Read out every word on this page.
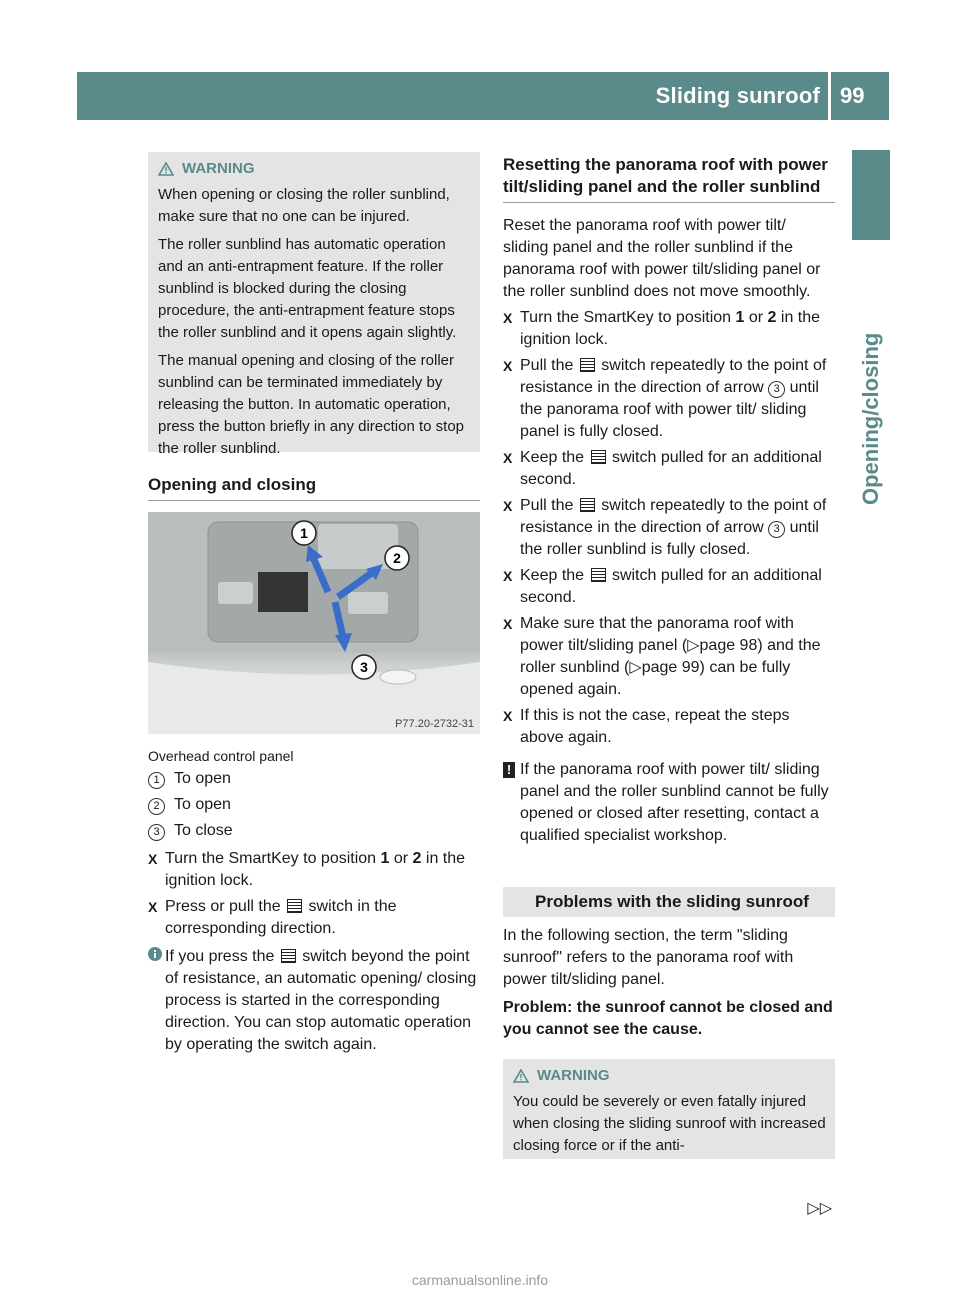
Sliding sunroof 99
Opening/closing
WARNING

When opening or closing the roller sunblind, make sure that no one can be injured.

The roller sunblind has automatic operation and an anti-entrapment feature. If the roller sunblind is blocked during the closing procedure, the anti-entrapment feature stops the roller sunblind and it opens again slightly.

The manual opening and closing of the roller sunblind can be terminated immediately by releasing the button. In automatic operation, press the button briefly in any direction to stop the roller sunblind.

Opening and closing
1
2
3
P77.20-2732-31
Overhead control panel
1 To open
2 To open
3 To close
X Turn the SmartKey to position 1 or 2 in the ignition lock.
X Press or pull the  switch in the corresponding direction.
If you press the  switch beyond the point of resistance, an automatic opening/ closing process is started in the corresponding direction. You can stop automatic operation by operating the switch again.
Resetting the panorama roof with power tilt/sliding panel and the roller sunblind

Reset the panorama roof with power tilt/ sliding panel and the roller sunblind if the panorama roof with power tilt/sliding panel or the roller sunblind does not move smoothly.

X Turn the SmartKey to position 1 or 2 in the ignition lock.
X Pull the  switch repeatedly to the point of resistance in the direction of arrow 3 until the panorama roof with power tilt/ sliding panel is fully closed.
X Keep the  switch pulled for an additional second.
X Pull the  switch repeatedly to the point of resistance in the direction of arrow 3 until the roller sunblind is fully closed.
X Keep the  switch pulled for an additional second.
X Make sure that the panorama roof with power tilt/sliding panel (▷page 98) and the roller sunblind (▷page 99) can be fully opened again.
X If this is not the case, repeat the steps above again.
! If the panorama roof with power tilt/ sliding panel and the roller sunblind cannot be fully opened or closed after resetting, contact a qualified specialist workshop.
Problems with the sliding sunroof

In the following section, the term "sliding sunroof" refers to the panorama roof with power tilt/sliding panel.

Problem: the sunroof cannot be closed and you cannot see the cause.

WARNING

You could be severely or even fatally injured when closing the sliding sunroof with increased closing force or if the anti-

▷▷
carmanualsonline.info
